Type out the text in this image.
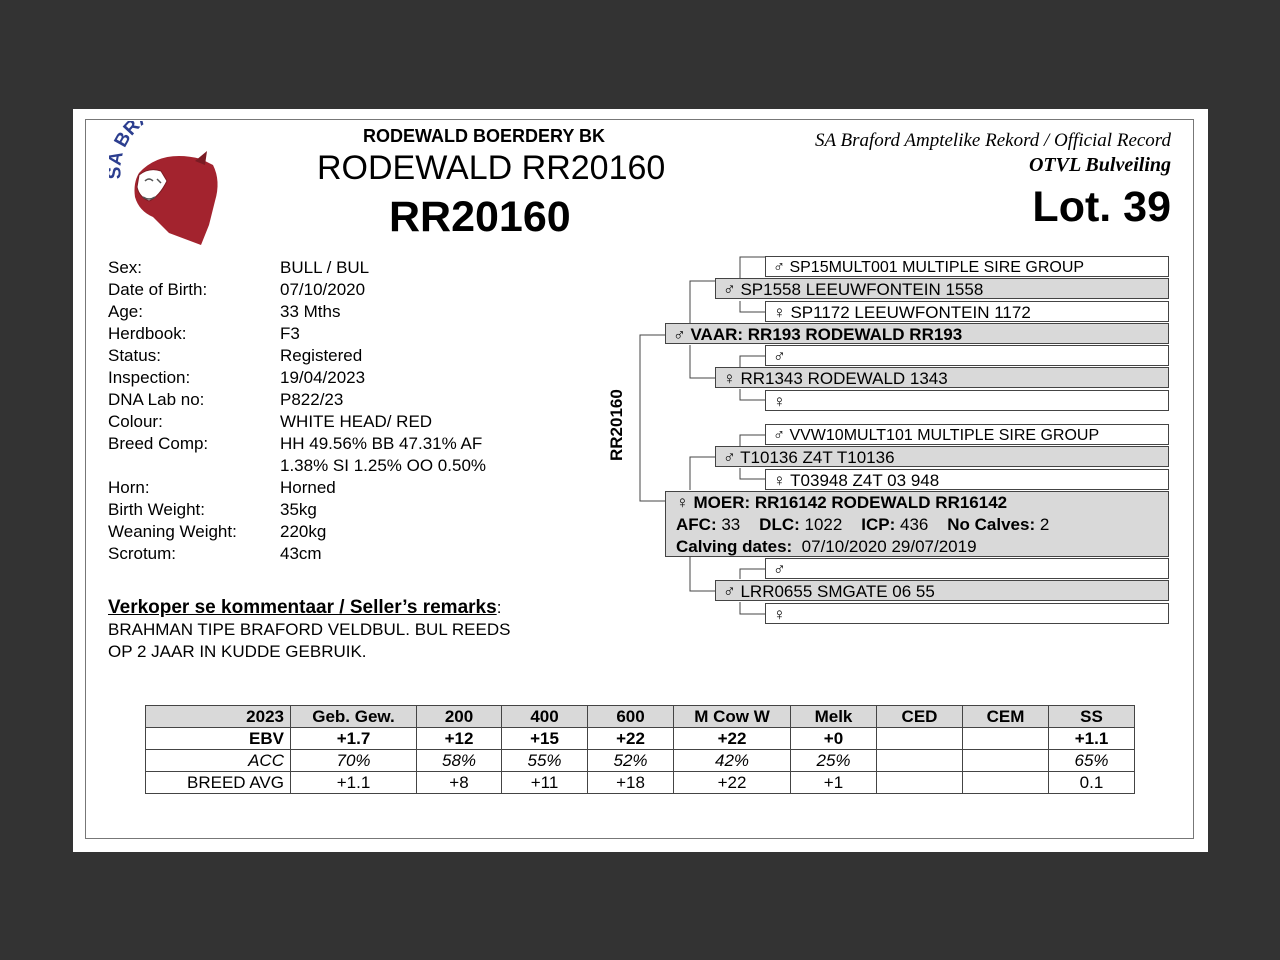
BR	RODEWALD BOERDERY BK
RODEWALD RR20160
RR20160
SA Braford Amptelike Rekord / Official Record
OTVL Bulveiling
Lot. 39
Sex:	BULL / BUL
Date of Birth:	07/10/2020
Age:	33 Mths
Herdbook:	F3
Status:	Registered
Inspection:	19/04/2023
DNA Lab no:	P822/23
Colour:	WHITE HEAD/ RED
Breed Comp:	HH 49.56% BB 47.31% AF
1.38% SI 1.25% OO 0.50%
Horn:	Horned
Birth Weight:	35kg
Weaning Weight:	220kg
Scrotum:	43cm
Verkoper se kommentaar / Seller’s remarks:
BRAHMAN TIPE BRAFORD VELDBUL. BUL REEDS
OP 2 JAAR IN KUDDE GEBRUIK.
RR20160
♂ SP15MULT001 MULTIPLE SIRE GROUP
♂ SP1558 LEEUWFONTEIN 1558
♀ SP1172 LEEUWFONTEIN 1172
♂ VAAR: RR193 RODEWALD RR193
♂
♀ RR1343 RODEWALD 1343
♀
♂ VVW10MULT101 MULTIPLE SIRE GROUP
♂ T10136 Z4T T10136
♀ T03948 Z4T 03 948
♀ MOER: RR16142 RODEWALD RR16142
AFC: 33 DLC: 1022 ICP: 436 No Calves: 2
Calving dates: 07/10/2020 29/07/2019
♂
♂ LRR0655 SMGATE 06 55
♀
2023	Geb. Gew.	200	400	600	M Cow W	Melk	CED	CEM	SS
EBV	+1.7	+12	+15	+22	+22	+0			+1.1
ACC	70%	58%	55%	52%	42%	25%			65%
BREED AVG	+1.1	+8	+11	+18	+22	+1			0.1
